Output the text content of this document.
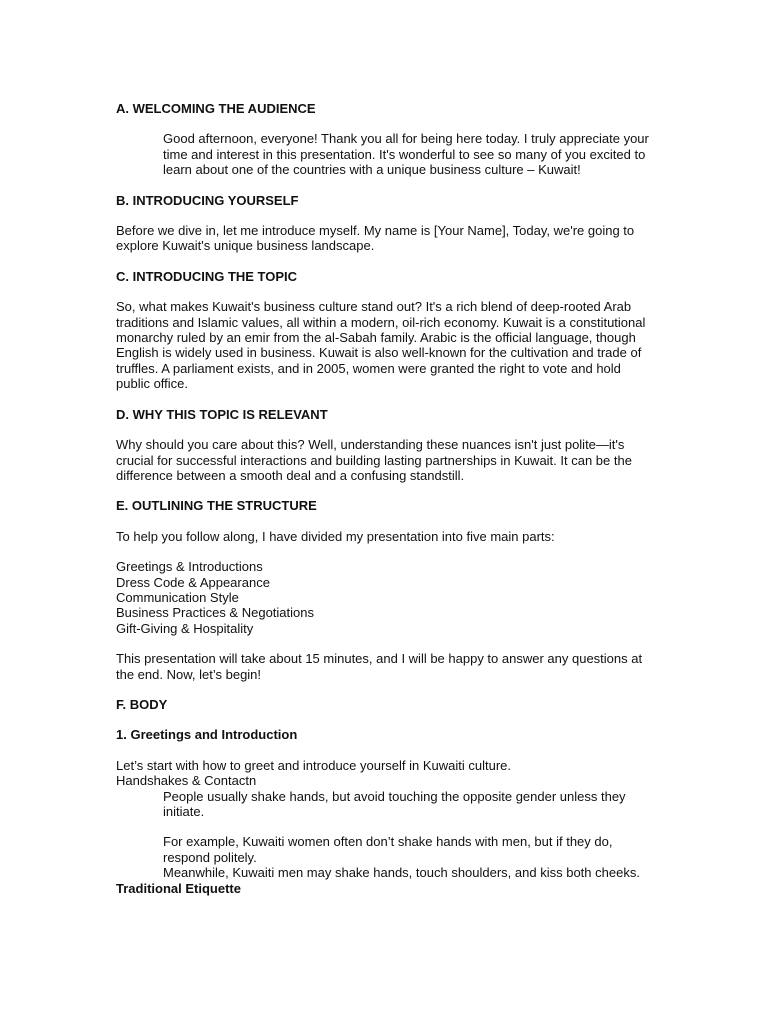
A. WELCOMING THE AUDIENCE

Good afternoon, everyone! Thank you all for being here today. I truly appreciate your time and interest in this presentation. It's wonderful to see so many of you excited to learn about one of the countries with a unique business culture – Kuwait!

B. INTRODUCING YOURSELF

Before we dive in, let me introduce myself. My name is [Your Name], Today, we're going to explore Kuwait's unique business landscape.

C. INTRODUCING THE TOPIC

So, what makes Kuwait's business culture stand out? It's a rich blend of deep-rooted Arab traditions and Islamic values, all within a modern, oil-rich economy. Kuwait is a constitutional monarchy ruled by an emir from the al-Sabah family. Arabic is the official language, though English is widely used in business. Kuwait is also well-known for the cultivation and trade of truffles. A parliament exists, and in 2005, women were granted the right to vote and hold public office.

D. WHY THIS TOPIC IS RELEVANT

Why should you care about this? Well, understanding these nuances isn't just polite—it's crucial for successful interactions and building lasting partnerships in Kuwait. It can be the difference between a smooth deal and a confusing standstill.

E. OUTLINING THE STRUCTURE

To help you follow along, I have divided my presentation into five main parts:

Greetings & Introductions
Dress Code & Appearance
Communication Style
Business Practices & Negotiations
Gift-Giving & Hospitality

This presentation will take about 15 minutes, and I will be happy to answer any questions at the end. Now, let’s begin!

F. BODY

1. Greetings and Introduction

Let’s start with how to greet and introduce yourself in Kuwaiti culture.

Handshakes & Contactn

People usually shake hands, but avoid touching the opposite gender unless they initiate.

For example, Kuwaiti women often don’t shake hands with men, but if they do, respond politely.

Meanwhile, Kuwaiti men may shake hands, touch shoulders, and kiss both cheeks.

Traditional Etiquette
